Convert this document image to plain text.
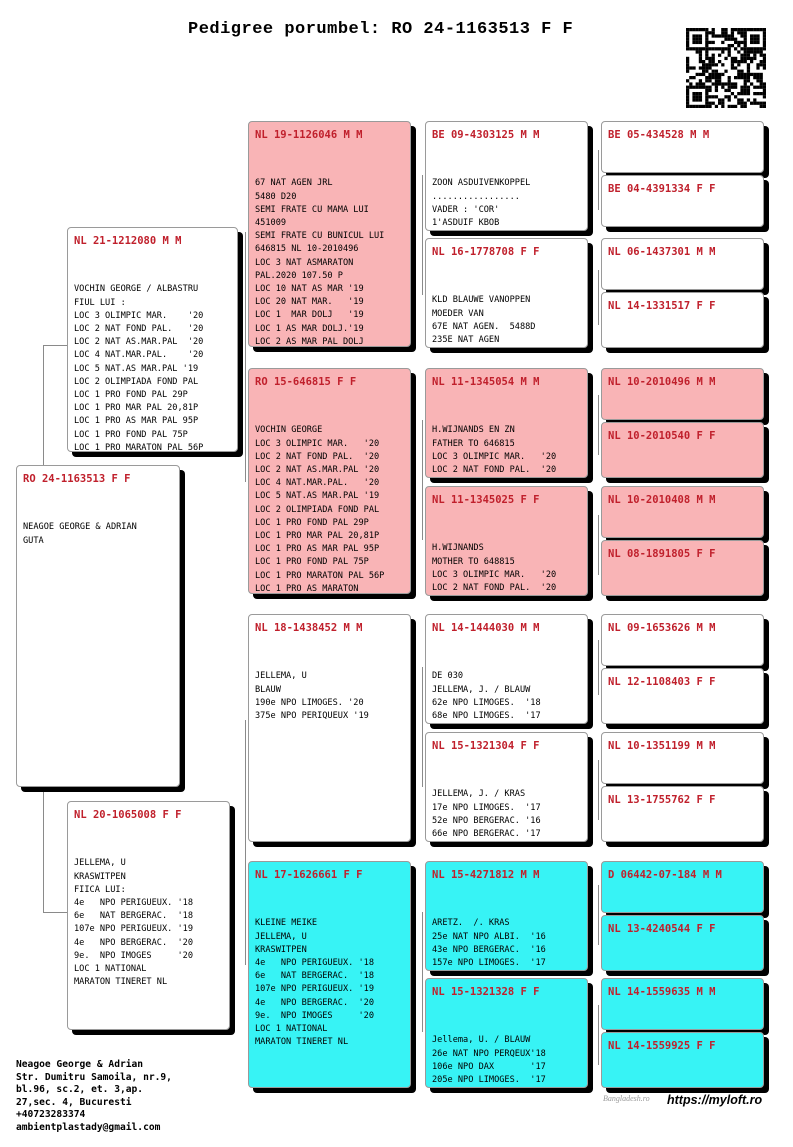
Pedigree porumbel: RO 24-1163513 F F
RO 24-1163513 F F

NEAGOE GEORGE & ADRIAN
GUTA

NL 21-1212080 M M

VOCHIN GEORGE / ALBASTRU
FIUL LUI :
LOC 3 OLIMPIC MAR.    '20
LOC 2 NAT FOND PAL.   '20
LOC 2 NAT AS.MAR.PAL  '20
LOC 4 NAT.MAR.PAL.    '20
LOC 5 NAT.AS MAR.PAL '19
LOC 2 OLIMPIADA FOND PAL
LOC 1 PRO FOND PAL 29P
LOC 1 PRO MAR PAL 20,81P
LOC 1 PRO AS MAR PAL 95P
LOC 1 PRO FOND PAL 75P
LOC 1 PRO MARATON PAL 56P

NL 20-1065008 F F

JELLEMA, U
KRASWITPEN
FIICA LUI:
4e   NPO PERIGUEUX. '18
6e   NAT BERGERAC.  '18
107e NPO PERIGUEUX. '19
4e   NPO BERGERAC.  '20
9e.  NPO IMOGES     '20
LOC 1 NATIONAL
MARATON TINERET NL

NL 19-1126046 M M

67 NAT AGEN JRL
5480 D20
SEMI FRATE CU MAMA LUI
451009
SEMI FRATE CU BUNICUL LUI
646815 NL 10-2010496
LOC 3 NAT ASMARATON
PAL.2020 107.50 P
LOC 10 NAT AS MAR '19
LOC 20 NAT MAR.   '19
LOC 1  MAR DOLJ   '19
LOC 1 AS MAR DOLJ.'19
LOC 2 AS MAR PAL DOLJ

RO 15-646815 F F

VOCHIN GEORGE
LOC 3 OLIMPIC MAR.   '20
LOC 2 NAT FOND PAL.  '20
LOC 2 NAT AS.MAR.PAL '20
LOC 4 NAT.MAR.PAL.   '20
LOC 5 NAT.AS MAR.PAL '19
LOC 2 OLIMPIADA FOND PAL
LOC 1 PRO FOND PAL 29P
LOC 1 PRO MAR PAL 20,81P
LOC 1 PRO AS MAR PAL 95P
LOC 1 PRO FOND PAL 75P
LOC 1 PRO MARATON PAL 56P
LOC 1 PRO AS MARATON

NL 18-1438452 M M

JELLEMA, U
BLAUW
190e NPO LIMOGES. '20
375e NPO PERIQUEUX '19

NL 17-1626661 F F

KLEINE MEIKE
JELLEMA, U
KRASWITPEN
4e   NPO PERIGUEUX. '18
6e   NAT BERGERAC.  '18
107e NPO PERIGUEUX. '19
4e   NPO BERGERAC.  '20
9e.  NPO IMOGES     '20
LOC 1 NATIONAL
MARATON TINERET NL

BE 09-4303125 M M

ZOON ASDUIVENKOPPEL
.................
VADER : 'COR'
1'ASDUIF KBOB

NL 16-1778708 F F

KLD BLAUWE VANOPPEN
MOEDER VAN
67E NAT AGEN.  5488D
235E NAT AGEN

NL 11-1345054 M M

H.WIJNANDS EN ZN
FATHER TO 646815
LOC 3 OLIMPIC MAR.   '20
LOC 2 NAT FOND PAL.  '20

NL 11-1345025 F F

H.WIJNANDS
MOTHER TO 648815
LOC 3 OLIMPIC MAR.   '20
LOC 2 NAT FOND PAL.  '20

NL 14-1444030 M M

DE 030
JELLEMA, J. / BLAUW
62e NPO LIMOGES.  '18
68e NPO LIMOGES.  '17

NL 15-1321304 F F

JELLEMA, J. / KRAS
17e NPO LIMOGES.  '17
52e NPO BERGERAC. '16
66e NPO BERGERAC. '17

NL 15-4271812 M M

ARETZ.  /. KRAS
25e NAT NPO ALBI.  '16
43e NPO BERGERAC.  '16
157e NPO LIMOGES.  '17

NL 15-1321328 F F

Jellema, U. / BLAUW
26e NAT NPO PERQEUX'18
106e NPO DAX       '17
205e NPO LIMOGES.  '17

BE 05-434528 M M

BE 04-4391334 F F

NL 06-1437301 M M

NL 14-1331517 F F

NL 10-2010496 M M

NL 10-2010540 F F

NL 10-2010408 M M

NL 08-1891805 F F

NL 09-1653626 M M

NL 12-1108403 F F

NL 10-1351199 M M

NL 13-1755762 F F

D 06442-07-184 M M

NL 13-4240544 F F

NL 14-1559635 M M

NL 14-1559925 F F

Neagoe George & Adrian
Str. Dumitru Samoila, nr.9,
bl.96, sc.2, et. 3,ap.
27,sec. 4, Bucuresti
+40723283374
ambientplastady@gmail.com

Bangladesh.ro https://myloft.ro
